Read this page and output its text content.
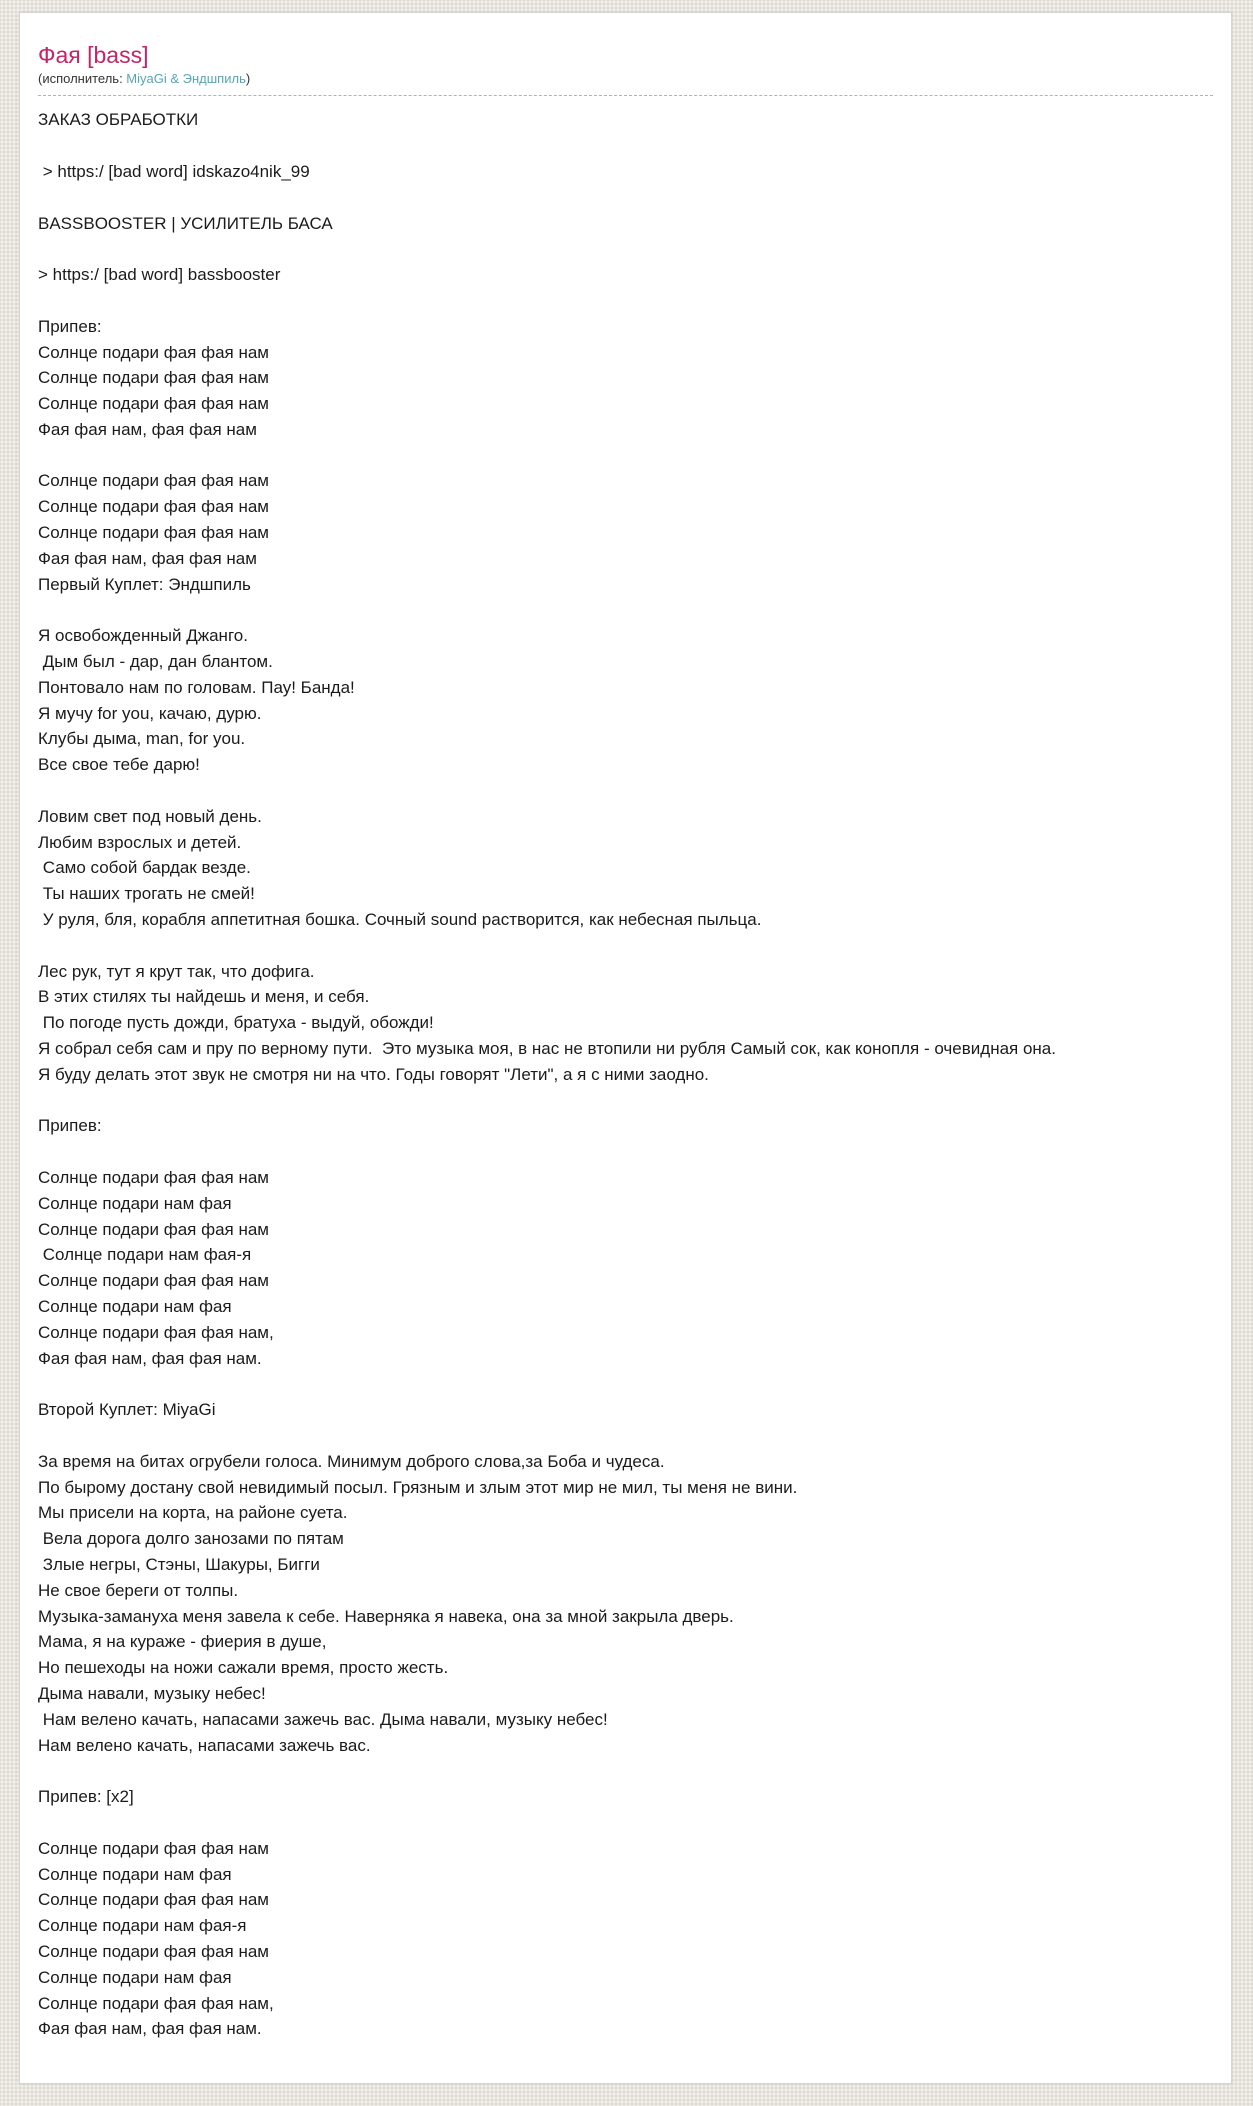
Фая [bass]
(исполнитель: MiyaGi & Эндшпиль)
ЗАКАЗ ОБРАБОТКИ

> https:/ [bad word] idskazo4nik_99

BASSBOOSTER | УСИЛИТЕЛЬ БАСА

> https:/ [bad word] bassbooster

Припев:
Солнце подари фая фая нам
Солнце подари фая фая нам
Солнце подари фая фая нам
Фая фая нам, фая фая нам

Солнце подари фая фая нам
Солнце подари фая фая нам
Солнце подари фая фая нам
Фая фая нам, фая фая нам
Первый Куплет: Эндшпиль

Я освобожденный Джанго.
Дым был - дар, дан блантом.
Понтовало нам по головам. Пау! Банда!
Я мучу for you, качаю, дурю.
Клубы дыма, man, for you.
Все свое тебе дарю!

Ловим свет под новый день.
Любим взрослых и детей.
Само собой бардак везде.
Ты наших трогать не смей!
У руля, бля, корабля аппетитная бошка. Сочный sound растворится, как небесная пыльца.

Лес рук, тут я крут так, что дофига.
В этих стилях ты найдешь и меня, и себя.
По погоде пусть дожди, братуха - выдуй, обожди!
Я собрал себя сам и пру по верному пути.  Это музыка моя, в нас не втопили ни рубля Самый сок, как конопля - очевидная она.
Я буду делать этот звук не смотря ни на что. Годы говорят "Лети", а я с ними заодно.

Припев:

Солнце подари фая фая нам
Солнце подари нам фая
Солнце подари фая фая нам
Солнце подари нам фая-я
Солнце подари фая фая нам
Солнце подари нам фая
Солнце подари фая фая нам,
Фая фая нам, фая фая нам.

Второй Куплет: MiyaGi

За время на битах огрубели голоса. Минимум доброго слова,за Боба и чудеса.
По бырому достану свой невидимый посыл. Грязным и злым этот мир не мил, ты меня не вини.
Мы присели на корта, на районе суета.
Вела дорога долго занозами по пятам
Злые негры, Стэны, Шакуры, Бигги
Не свое береги от толпы.
Музыка-замануха меня завела к себе. Наверняка я навека, она за мной закрыла дверь.
Мама, я на кураже - фиерия в душе,
Но пешеходы на ножи сажали время, просто жесть.
Дыма навали, музыку небес!
Нам велено качать, напасами зажечь вас. Дыма навали, музыку небес!
Нам велено качать, напасами зажечь вас.

Припев: [x2]

Солнце подари фая фая нам
Солнце подари нам фая
Солнце подари фая фая нам
Солнце подари нам фая-я
Солнце подари фая фая нам
Солнце подари нам фая
Солнце подари фая фая нам,
Фая фая нам, фая фая нам.
